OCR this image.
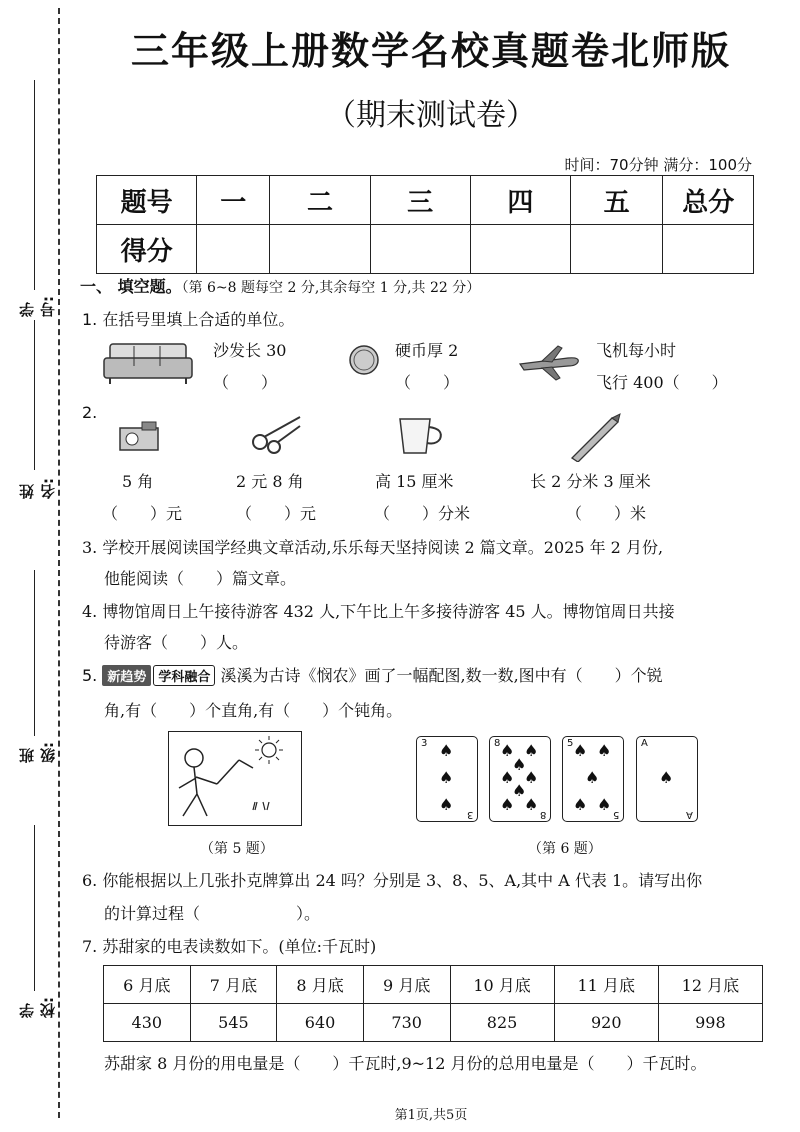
学号:
姓名:
班级:
学校:
三年级上册数学名校真题卷北师版
（期末测试卷）
时间：70分钟 满分：100分
题号	一	二	三	四	五	总分
得分						
一、 填空题。（第 6~8 题每空 2 分,其余每空 1 分,共 22 分）
1. 在括号里填上合适的单位。
沙发长 30
（　　）
硬币厚 2
（　　）
飞机每小时
飞行 400（　　）
2.
5 角	2 元 8 角	高 15 厘米	长 2 分米 3 厘米
（　　）元	（　　）元	（　　）分米	（　　）米
3. 学校开展阅读国学经典文章活动,乐乐每天坚持阅读 2 篇文章。2025 年 2 月份,
他能阅读（　　）篇文章。
4. 博物馆周日上午接待游客 432 人,下午比上午多接待游客 45 人。博物馆周日共接
待游客（　　）人。
5. 新趋势 学科融合 溪溪为古诗《悯农》画了一幅配图,数一数,图中有（　　）个锐
角,有（　　）个直角,有（　　）个钝角。
（第 5 题）
3 ♠
♠
♠
3
8 ♠ ♠
♠
♠ ♠
♠
♠ ♠
8
5 ♠ ♠
♠
♠ ♠
5
A
♠
A
（第 6 题）
6. 你能根据以上几张扑克牌算出 24 吗？分别是 3、8、5、A,其中 A 代表 1。请写出你
的计算过程（　　　　　　）。
7. 苏甜家的电表读数如下。(单位:千瓦时)
6 月底	7 月底	8 月底	9 月底	10 月底	11 月底	12 月底
430	545	640	730	825	920	998
苏甜家 8 月份的用电量是（　　）千瓦时,9~12 月份的总用电量是（　　）千瓦时。
第1页,共5页
